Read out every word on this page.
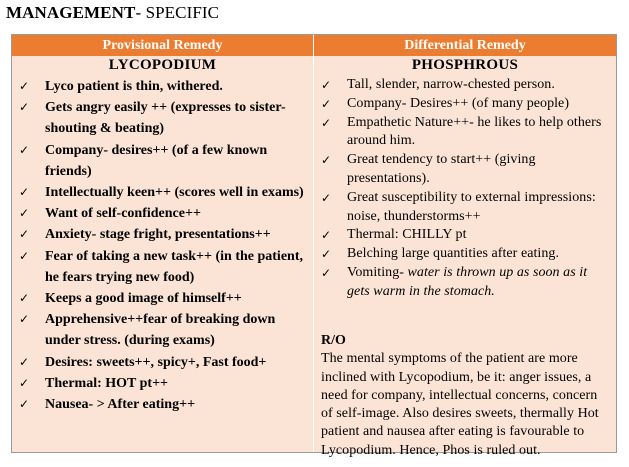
MANAGEMENT- SPECIFIC
Provisional Remedy	Differential Remedy
LYCOPODIUM
✓ Lyco patient is thin, withered.
✓ Gets angry easily ++ (expresses to sister- shouting & beating)
✓ Company- desires++ (of a few known friends)
✓ Intellectually keen++ (scores well in exams)
✓ Want of self-confidence++
✓ Anxiety- stage fright, presentations++
✓ Fear of taking a new task++ (in the patient, he fears trying new food)
✓ Keeps a good image of himself++
✓ Apprehensive++fear of breaking down under stress. (during exams)
✓ Desires: sweets++, spicy+, Fast food+
✓ Thermal: HOT pt++
✓ Nausea- > After eating++
PHOSPHROUS
✓ Tall, slender, narrow-chested person.
✓ Company- Desires++ (of many people)
✓ Empathetic Nature++- he likes to help others around him.
✓ Great tendency to start++ (giving presentations).
✓ Great susceptibility to external impressions: noise, thunderstorms++
✓ Thermal: CHILLY pt
✓ Belching large quantities after eating.
✓ Vomiting- water is thrown up as soon as it gets warm in the stomach.
R/O
The mental symptoms of the patient are more inclined with Lycopodium, be it: anger issues, a need for company, intellectual concerns, concern of self-image. Also desires sweets, thermally Hot patient and nausea after eating is favourable to Lycopodium. Hence, Phos is ruled out.
